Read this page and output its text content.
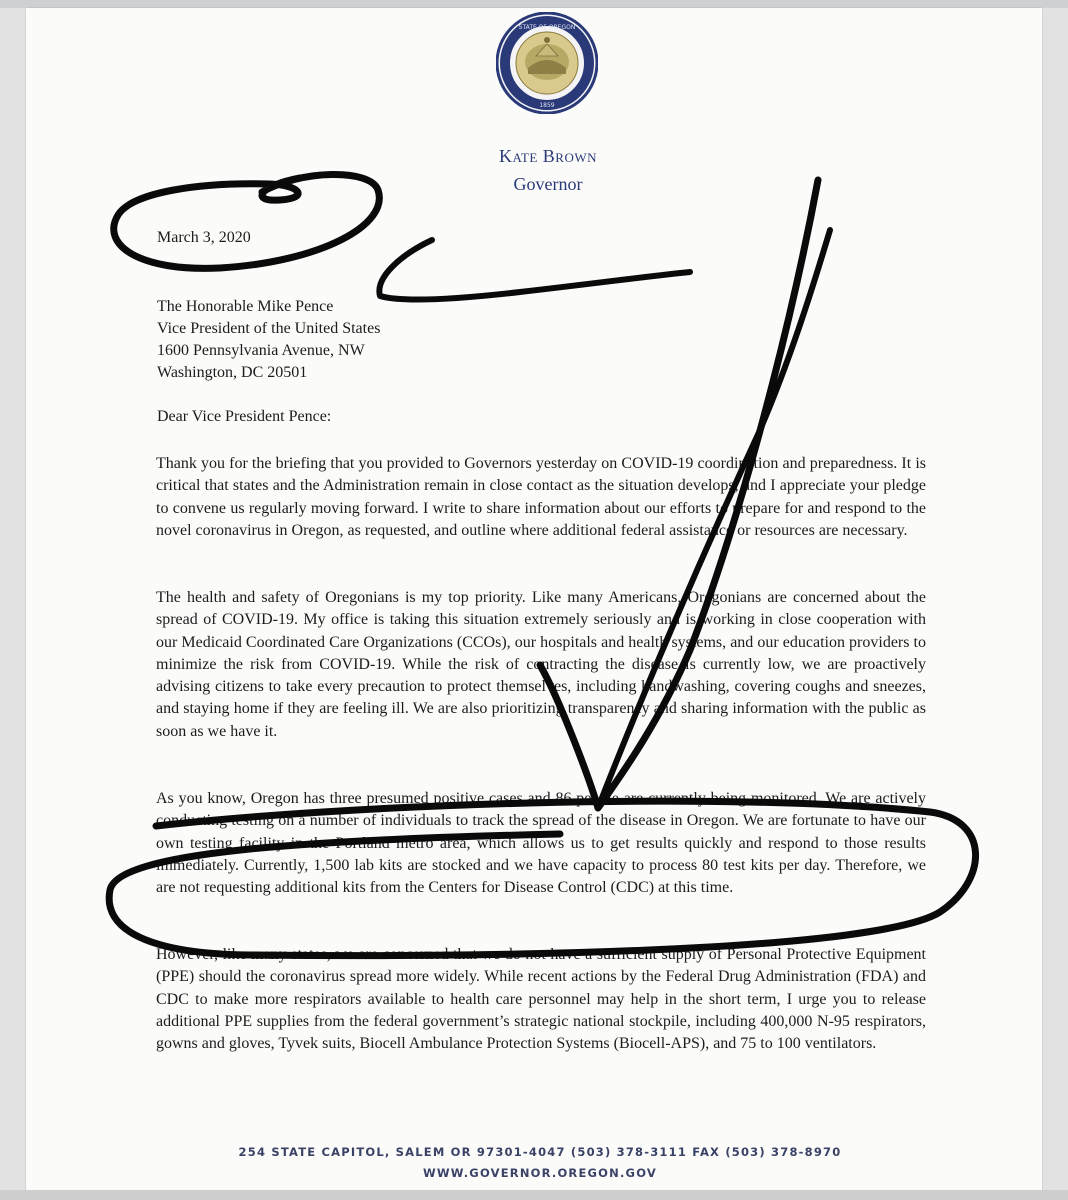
STATE OF OREGON
1859
Kate Brown
Governor
March 3, 2020
The Honorable Mike Pence
Vice President of the United States
1600 Pennsylvania Avenue, NW
Washington, DC 20501
Dear Vice President Pence:
Thank you for the briefing that you provided to Governors yesterday on COVID-19 coordination and preparedness. It is critical that states and the Administration remain in close contact as the situation develops, and I appreciate your pledge to convene us regularly moving forward. I write to share information about our efforts to prepare for and respond to the novel coronavirus in Oregon, as requested, and outline where additional federal assistance or resources are necessary.
The health and safety of Oregonians is my top priority. Like many Americans, Oregonians are concerned about the spread of COVID-19. My office is taking this situation extremely seriously and is working in close cooperation with our Medicaid Coordinated Care Organizations (CCOs), our hospitals and health systems, and our education providers to minimize the risk from COVID-19. While the risk of contracting the disease is currently low, we are proactively advising citizens to take every precaution to protect themselves, including handwashing, covering coughs and sneezes, and staying home if they are feeling ill. We are also prioritizing transparency and sharing information with the public as soon as we have it.
As you know, Oregon has three presumed positive cases and 86 people are currently being monitored. We are actively conducting testing on a number of individuals to track the spread of the disease in Oregon. We are fortunate to have our own testing facility in the Portland metro area, which allows us to get results quickly and respond to those results immediately. Currently, 1,500 lab kits are stocked and we have capacity to process 80 test kits per day. Therefore, we are not requesting additional kits from the Centers for Disease Control (CDC) at this time.
However, like many states, we are concerned that we do not have a sufficient supply of Personal Protective Equipment (PPE) should the coronavirus spread more widely. While recent actions by the Federal Drug Administration (FDA) and CDC to make more respirators available to health care personnel may help in the short term, I urge you to release additional PPE supplies from the federal government’s strategic national stockpile, including 400,000 N-95 respirators, gowns and gloves, Tyvek suits, Biocell Ambulance Protection Systems (Biocell-APS), and 75 to 100 ventilators.
254 STATE CAPITOL, SALEM OR 97301-4047 (503) 378-3111 FAX (503) 378-8970
WWW.GOVERNOR.OREGON.GOV
